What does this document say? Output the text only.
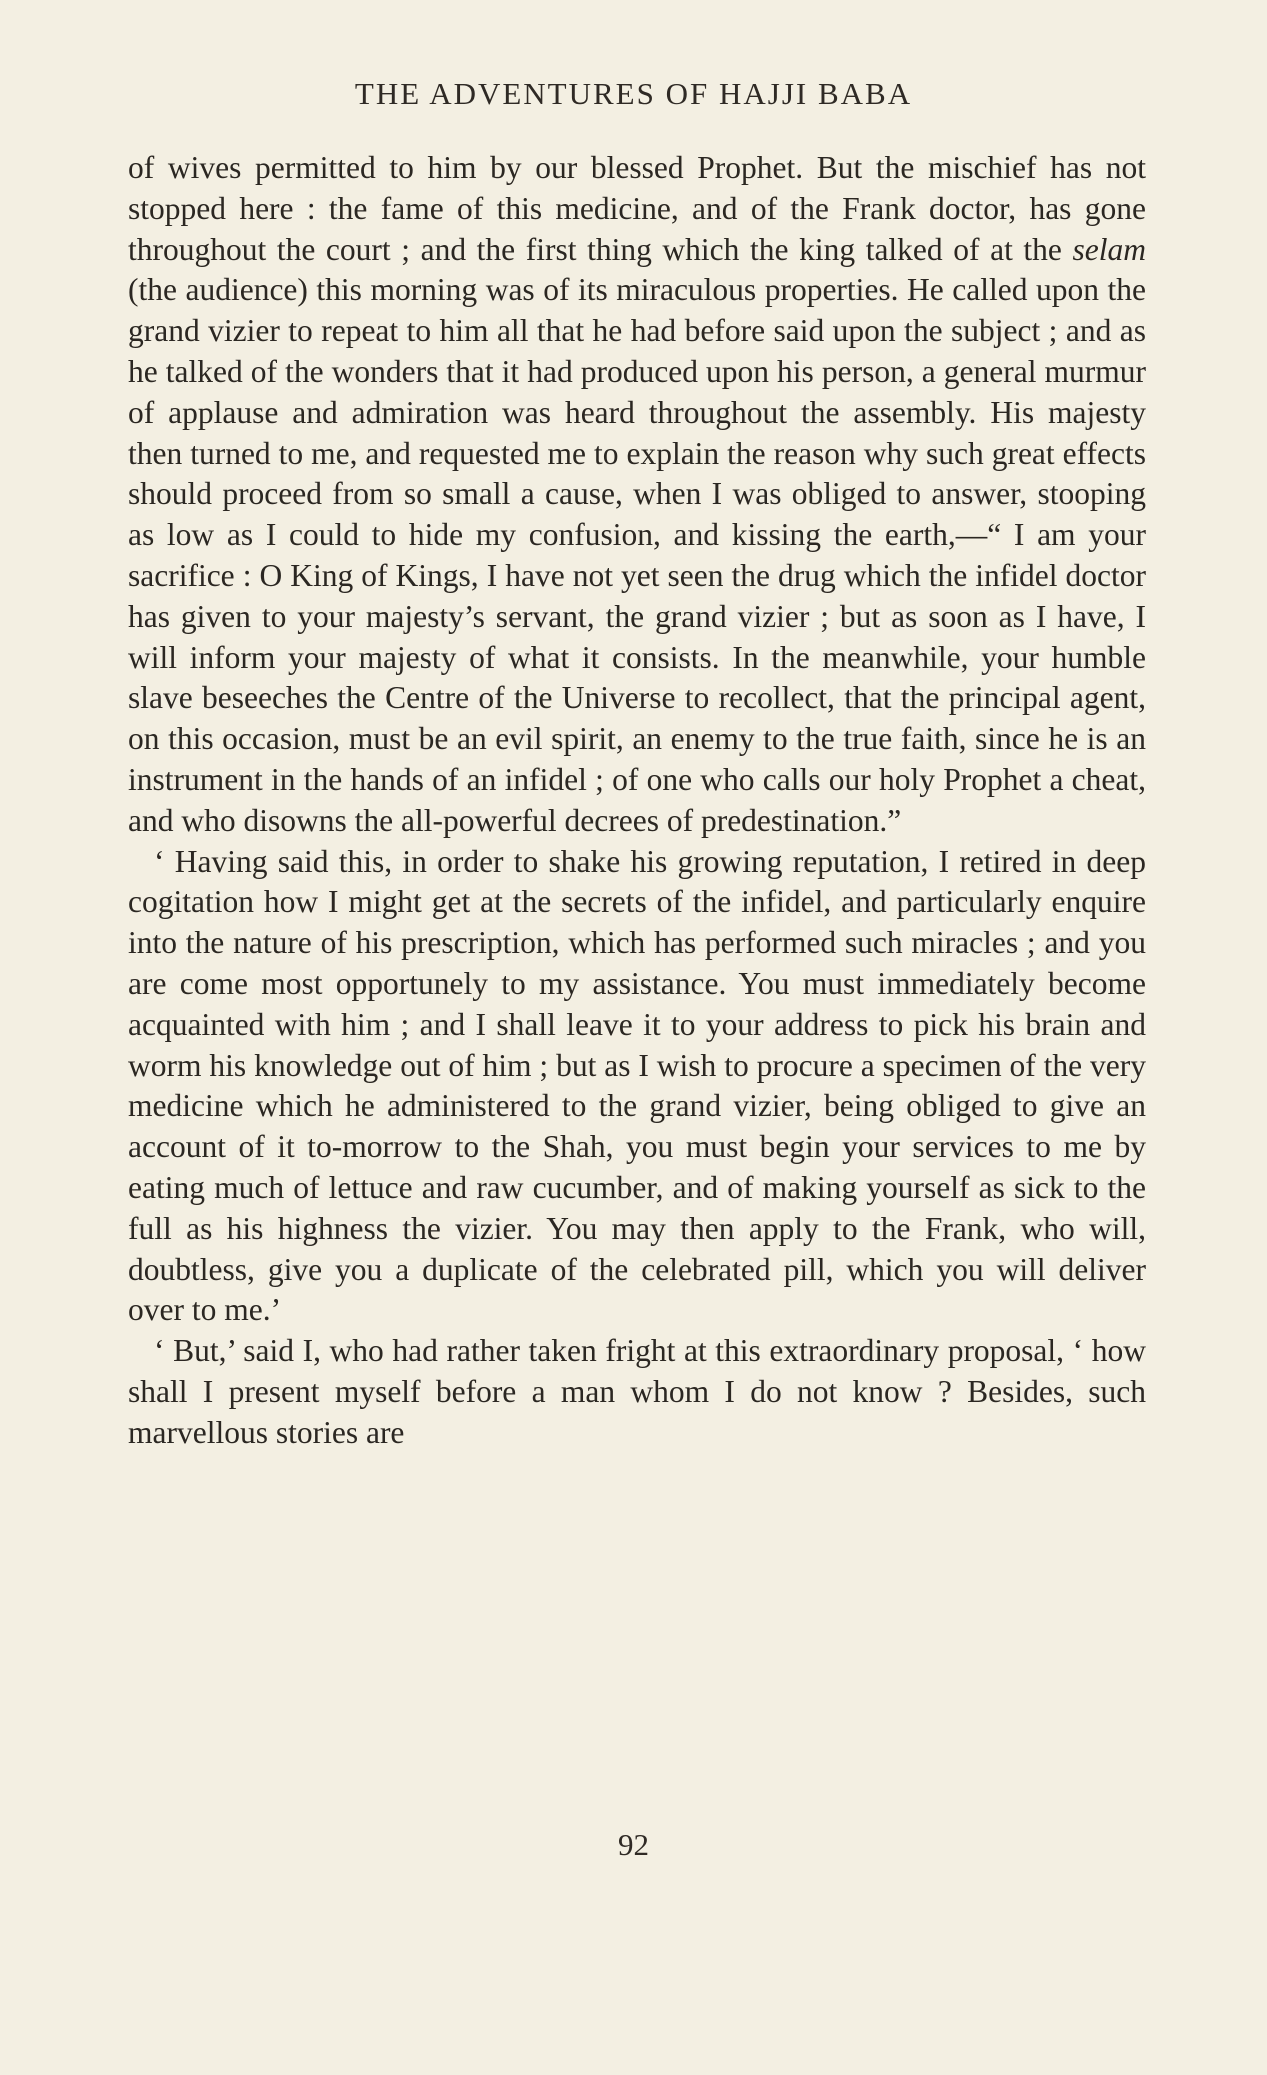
THE ADVENTURES OF HAJJI BABA

of wives permitted to him by our blessed Prophet. But the mischief has not stopped here : the fame of this medicine, and of the Frank doctor, has gone throughout the court ; and the first thing which the king talked of at the selam (the audience) this morning was of its miraculous properties. He called upon the grand vizier to repeat to him all that he had before said upon the subject ; and as he talked of the wonders that it had produced upon his person, a general murmur of applause and admiration was heard throughout the assembly. His majesty then turned to me, and requested me to explain the reason why such great effects should proceed from so small a cause, when I was obliged to answer, stooping as low as I could to hide my confusion, and kissing the earth,—“ I am your sacrifice : O King of Kings, I have not yet seen the drug which the infidel doctor has given to your majesty’s servant, the grand vizier ; but as soon as I have, I will inform your majesty of what it consists. In the meanwhile, your humble slave beseeches the Centre of the Universe to recollect, that the principal agent, on this occasion, must be an evil spirit, an enemy to the true faith, since he is an instrument in the hands of an infidel ; of one who calls our holy Prophet a cheat, and who disowns the all-powerful decrees of predestination.”

‘ Having said this, in order to shake his growing reputation, I retired in deep cogitation how I might get at the secrets of the infidel, and particularly enquire into the nature of his prescription, which has performed such miracles ; and you are come most opportunely to my assistance. You must immediately become acquainted with him ; and I shall leave it to your address to pick his brain and worm his knowledge out of him ; but as I wish to procure a specimen of the very medicine which he administered to the grand vizier, being obliged to give an account of it to-morrow to the Shah, you must begin your services to me by eating much of lettuce and raw cucumber, and of making yourself as sick to the full as his highness the vizier. You may then apply to the Frank, who will, doubtless, give you a duplicate of the celebrated pill, which you will deliver over to me.’

‘ But,’ said I, who had rather taken fright at this extraordinary proposal, ‘ how shall I present myself before a man whom I do not know ? Besides, such marvellous stories are

92
